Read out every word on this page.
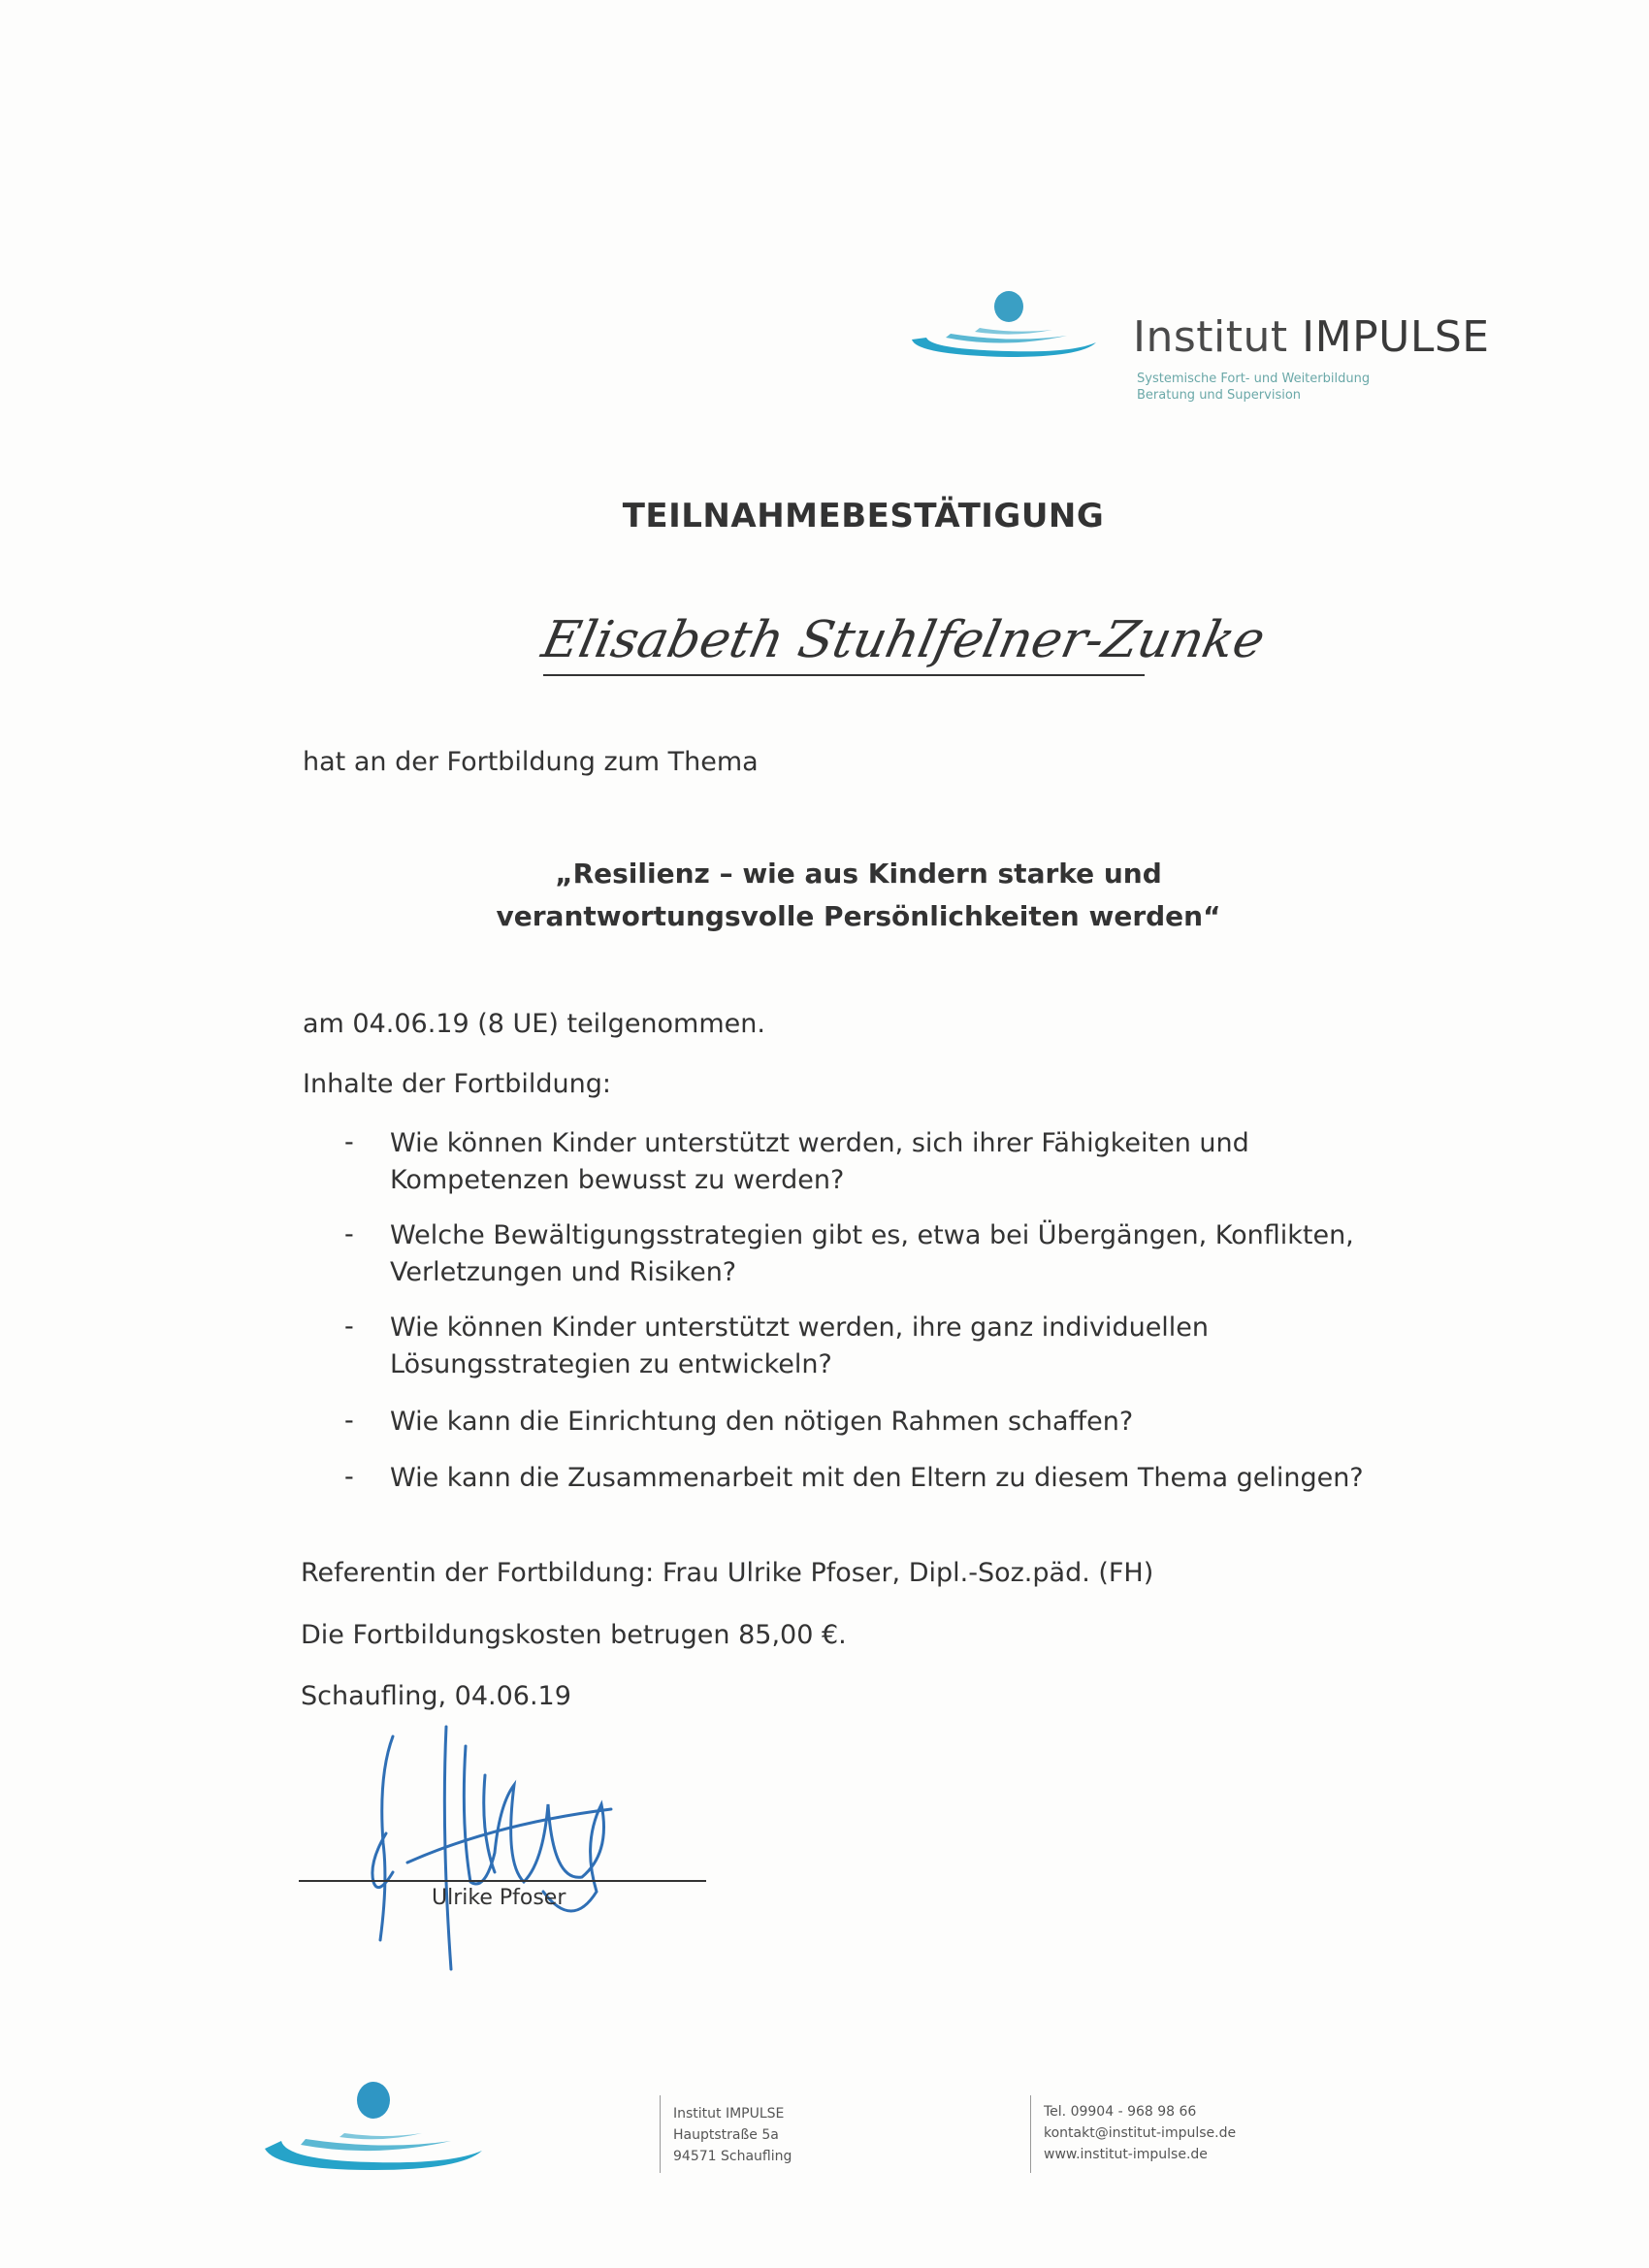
Institut IMPULSE
Systemische Fort- und Weiterbildung
Beratung und Supervision
TEILNAHMEBESTÄTIGUNG
Elisabeth Stuhlfelner-Zunke
hat an der Fortbildung zum Thema
„Resilienz – wie aus Kindern starke und
verantwortungsvolle Persönlichkeiten werden“
am 04.06.19 (8 UE) teilgenommen.
Inhalte der Fortbildung:
- Wie können Kinder unterstützt werden, sich ihrer Fähigkeiten und
Kompetenzen bewusst zu werden?
- Welche Bewältigungsstrategien gibt es, etwa bei Übergängen, Konflikten,
Verletzungen und Risiken?
- Wie können Kinder unterstützt werden, ihre ganz individuellen
Lösungsstrategien zu entwickeln?
- Wie kann die Einrichtung den nötigen Rahmen schaffen?
- Wie kann die Zusammenarbeit mit den Eltern zu diesem Thema gelingen?
Referentin der Fortbildung: Frau Ulrike Pfoser, Dipl.-Soz.päd. (FH)
Die Fortbildungskosten betrugen 85,00 €.
Schaufling, 04.06.19
Ulrike Pfoser
Institut IMPULSE
Hauptstraße 5a
94571 Schaufling
Tel. 09904 - 968 98 66
kontakt@institut-impulse.de
www.institut-impulse.de
